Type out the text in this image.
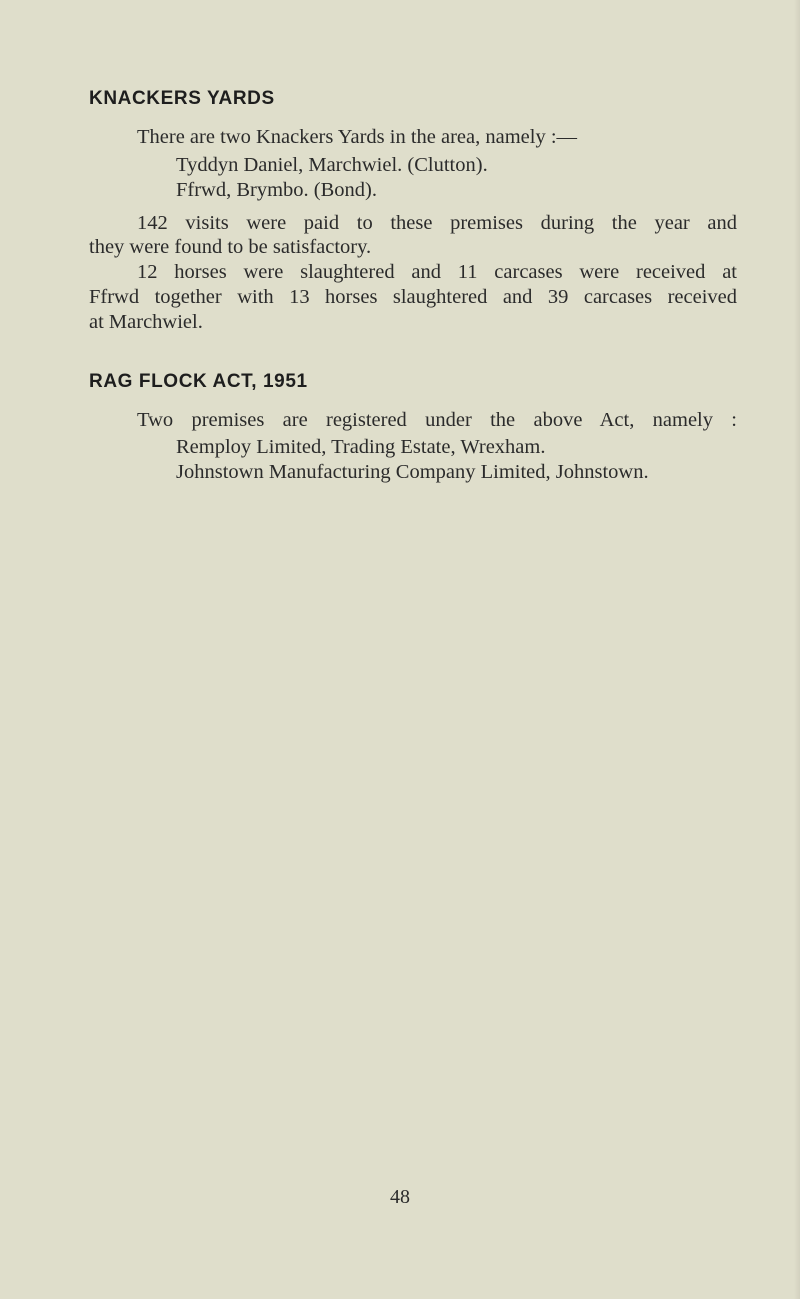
KNACKERS YARDS

There are two Knackers Yards in the area, namely :—

Tyddyn Daniel, Marchwiel. (Clutton).
Ffrwd, Brymbo. (Bond).

142 visits were paid to these premises during the year and
they were found to be satisfactory.

12 horses were slaughtered and 11 carcases were received at
Ffrwd together with 13 horses slaughtered and 39 carcases received
at Marchwiel.

RAG FLOCK ACT, 1951

Two premises are registered under the above Act, namely :

Remploy Limited, Trading Estate, Wrexham.
Johnstown Manufacturing Company Limited, Johnstown.

48
